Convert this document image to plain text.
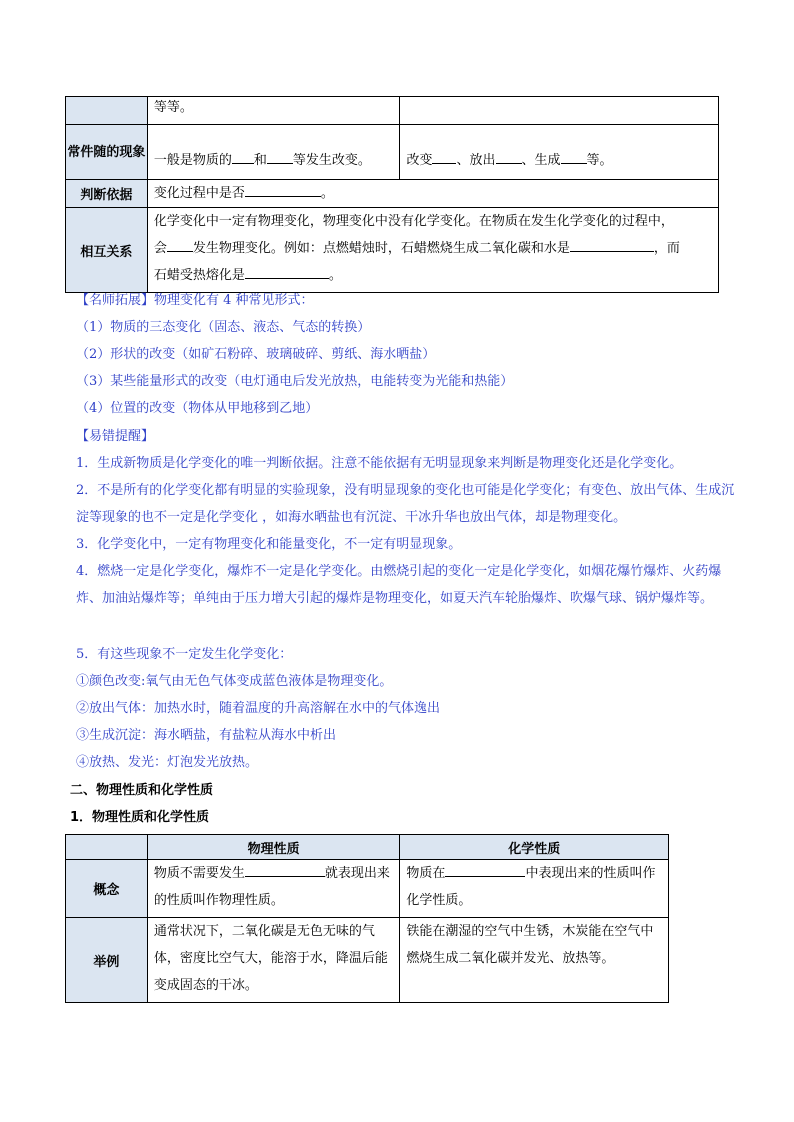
	等等。	
常件随的现象	一般是物质的 和 等发生改变。	改变 、放出 、生成 等。
判断依据	变化过程中是否 。	
相互关系	化学变化中一定有物理变化，物理变化中没有化学变化。在物质在发生化学变化的过程中，
会 发生物理变化。例如：点燃蜡烛时，石蜡燃烧生成二氧化碳和水是 ，而
石蜡受热熔化是 。	
【名师拓展】物理变化有 4 种常见形式：
（1）物质的三态变化（固态、液态、气态的转换）
（2）形状的改变（如矿石粉碎、玻璃破碎、剪纸、海水晒盐）
（3）某些能量形式的改变（电灯通电后发光放热，电能转变为光能和热能）
（4）位置的改变（物体从甲地移到乙地）
【易错提醒】
1．生成新物质是化学变化的唯一判断依据。注意不能依据有无明显现象来判断是物理变化还是化学变化。
2．不是所有的化学变化都有明显的实验现象，没有明显现象的变化也可能是化学变化；有变色、放出气体、生成沉淀等现象的也不一定是化学变化 ，如海水晒盐也有沉淀、干冰升华也放出气体，却是物理变化。
3．化学变化中，一定有物理变化和能量变化，不一定有明显现象。
4．燃烧一定是化学变化，爆炸不一定是化学变化。由燃烧引起的变化一定是化学变化，如烟花爆竹爆炸、火药爆炸、加油站爆炸等；单纯由于压力增大引起的爆炸是物理变化，如夏天汽车轮胎爆炸、吹爆气球、锅炉爆炸等。
5．有这些现象不一定发生化学变化：
①颜色改变:氧气由无色气体变成蓝色液体是物理变化。
②放出气体：加热水时，随着温度的升高溶解在水中的气体逸出
③生成沉淀：海水晒盐，有盐粒从海水中析出
④放热、发光：灯泡发光放热。
二、物理性质和化学性质
1．物理性质和化学性质
	物理性质	化学性质
概念	物质不需要发生 就表现出来的性质叫作物理性质。	物质在 中表现出来的性质叫作化学性质。
举例	通常状况下，二氧化碳是无色无味的气体，密度比空气大，能溶于水，降温后能变成固态的干冰。	铁能在潮湿的空气中生锈，木炭能在空气中燃烧生成二氧化碳并发光、放热等。
